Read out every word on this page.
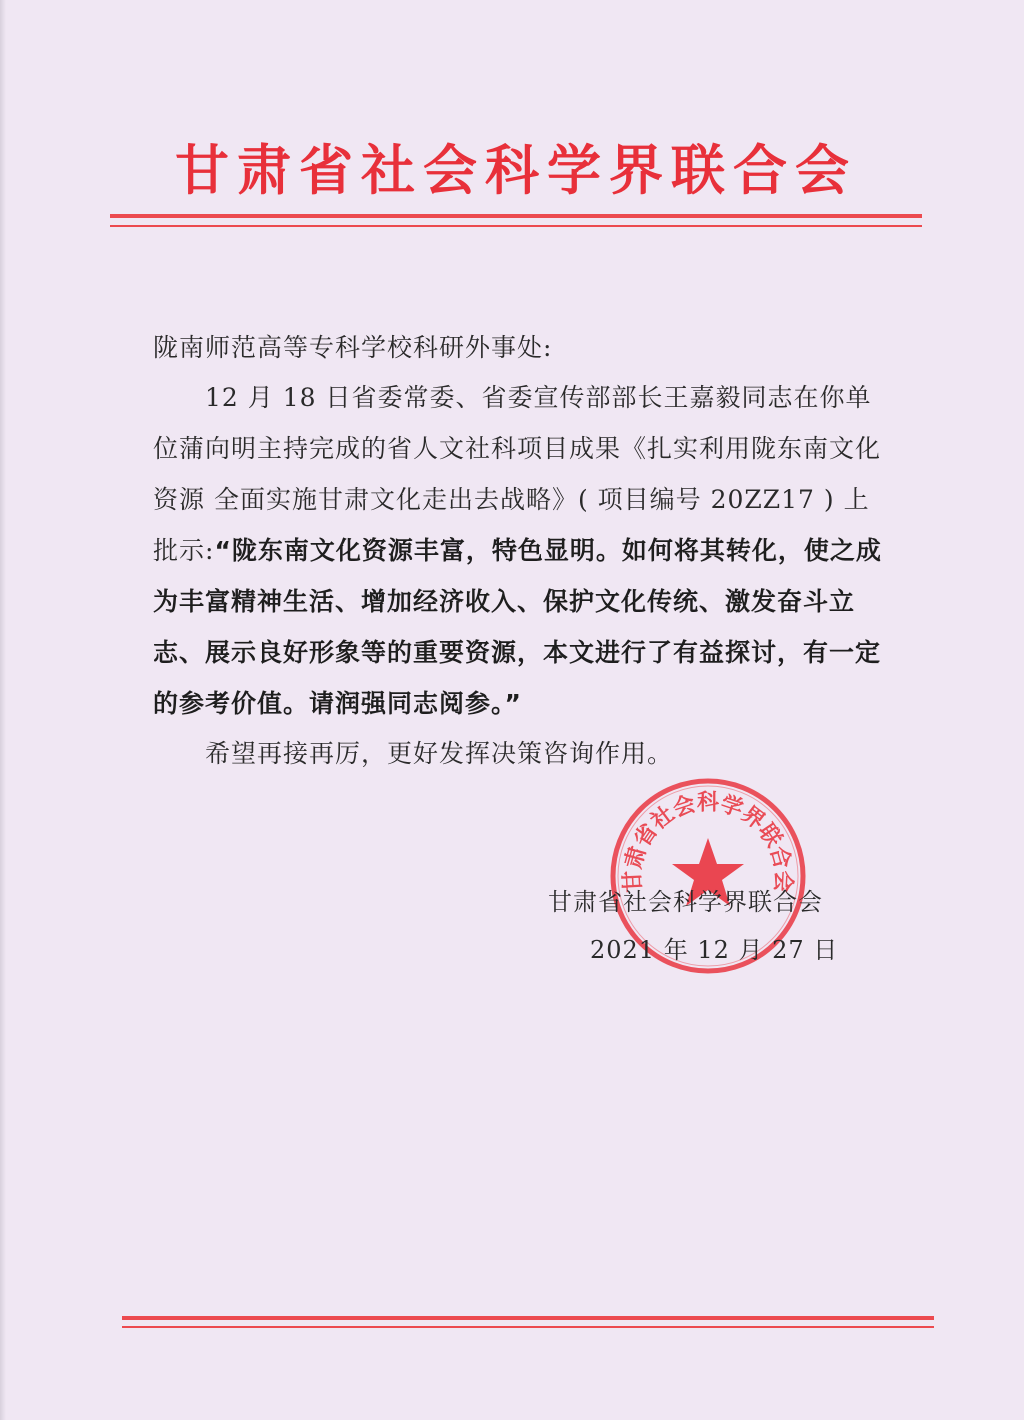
甘肃省社会科学界联合会
陇南师范高等专科学校科研外事处:
12 月 18 日省委常委、省委宣传部部长王嘉毅同志在你单位蒲向明主持完成的省人文社科项目成果《扎实利用陇东南文化资源 全面实施甘肃文化走出去战略》( 项目编号 20ZZ17 ) 上批示:“陇东南文化资源丰富，特色显明。如何将其转化，使之成为丰富精神生活、增加经济收入、保护文化传统、激发奋斗立志、展示良好形象等的重要资源，本文进行了有益探讨，有一定的参考价值。请润强同志阅参。”
希望再接再厉，更好发挥决策咨询作用。
甘肃省社会科学界联合会
甘肃省社会科学界联合会
2021 年 12 月 27 日
